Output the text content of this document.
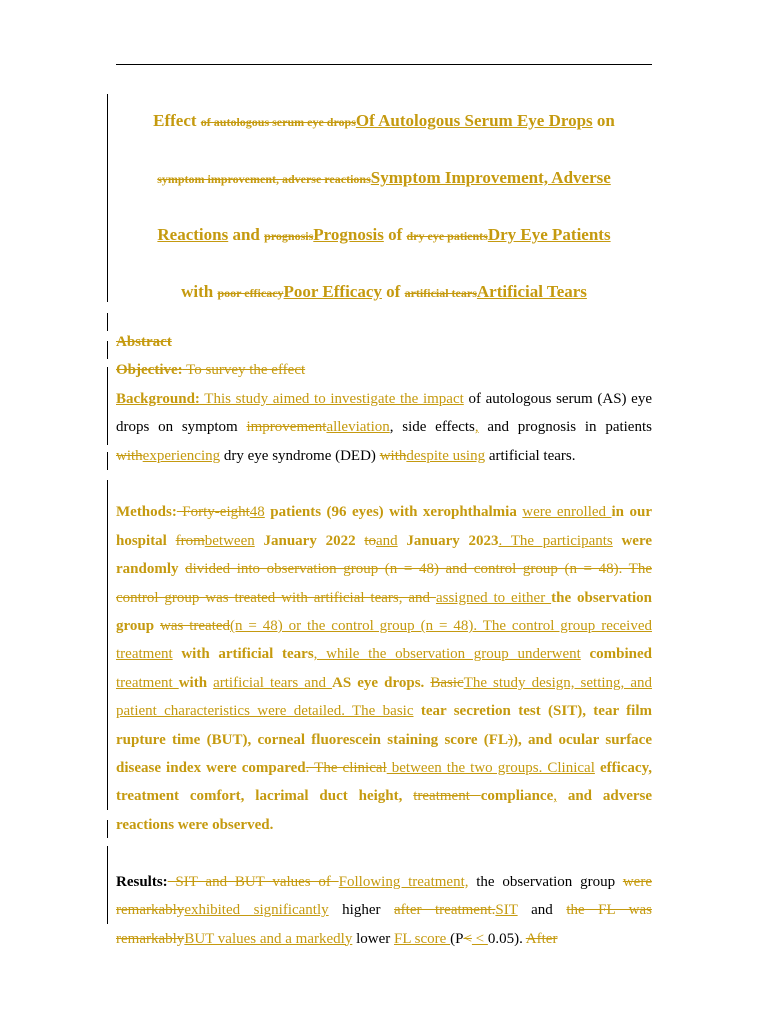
Effect of autologous serum eye dropsOf Autologous Serum Eye Drops on
symptom improvement, adverse reactionsSymptom Improvement, Adverse
Reactions and prognosisPrognosis of dry eye patientsDry Eye Patients
with poor efficacyPoor Efficacy of artificial tearsArtificial Tears
Abstract
Objective: To survey the effect
Background: This study aimed to investigate the impact of autologous serum (AS) eye drops on symptom improvementalleviation, side effects, and prognosis in patients withexperiencing dry eye syndrome (DED) withdespite using artificial tears.
Methods: Forty-eight48 patients (96 eyes) with xerophthalmia were enrolled in our hospital frombetween January 2022 toand January 2023. The participants were randomly divided into observation group (n = 48) and control group (n = 48). The control group was treated with artificial tears, and assigned to either the observation group was treated(n = 48) or the control group (n = 48). The control group received treatment with artificial tears, while the observation group underwent combined treatment with artificial tears and AS eye drops. BasicThe study design, setting, and patient characteristics were detailed. The basic tear secretion test (SIT), tear film rupture time (BUT), corneal fluorescein staining score (FL)), and ocular surface disease index were compared. The clinical between the two groups. Clinical efficacy, treatment comfort, lacrimal duct height, treatment compliance, and adverse reactions were observed.
Results: SIT and BUT values of Following treatment, the observation group were remarkablyexhibited significantly higher after treatment.SIT and the FL was remarkablyBUT values and a markedly lower FL score (P< < 0.05). After
